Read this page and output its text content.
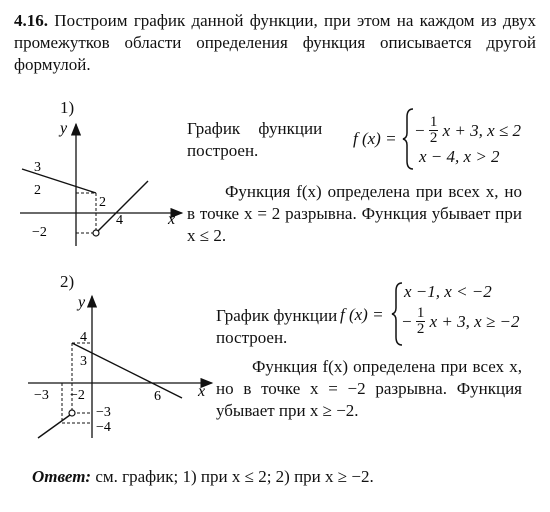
4.16. Построим график данной функции, при этом на каждом из двух промежутков области определения функция описывается другой формулой.
1)
y
x
3
2
2
4
−2
График функции
построен.
f (x) = − $\frac{1}{2}$ x + 3, x ≤ 2
x − 4, x > 2
Функция f(x) определена при всех x, но в точке x = 2 разрывна. Функция убывает при x ≤ 2.
2)
y
x
4
3
−3 −2	6
−3
−4
График функции
построен.
f (x) =
x −1, x < −2
− $\frac{1}{2}$ x + 3, x ≥ −2
Функция f(x) определена при всех x, но в точке x = −2 разрывна. Функция убывает при x ≥ −2.
Ответ: см. график; 1) при x ≤ 2; 2) при x ≥ −2.
